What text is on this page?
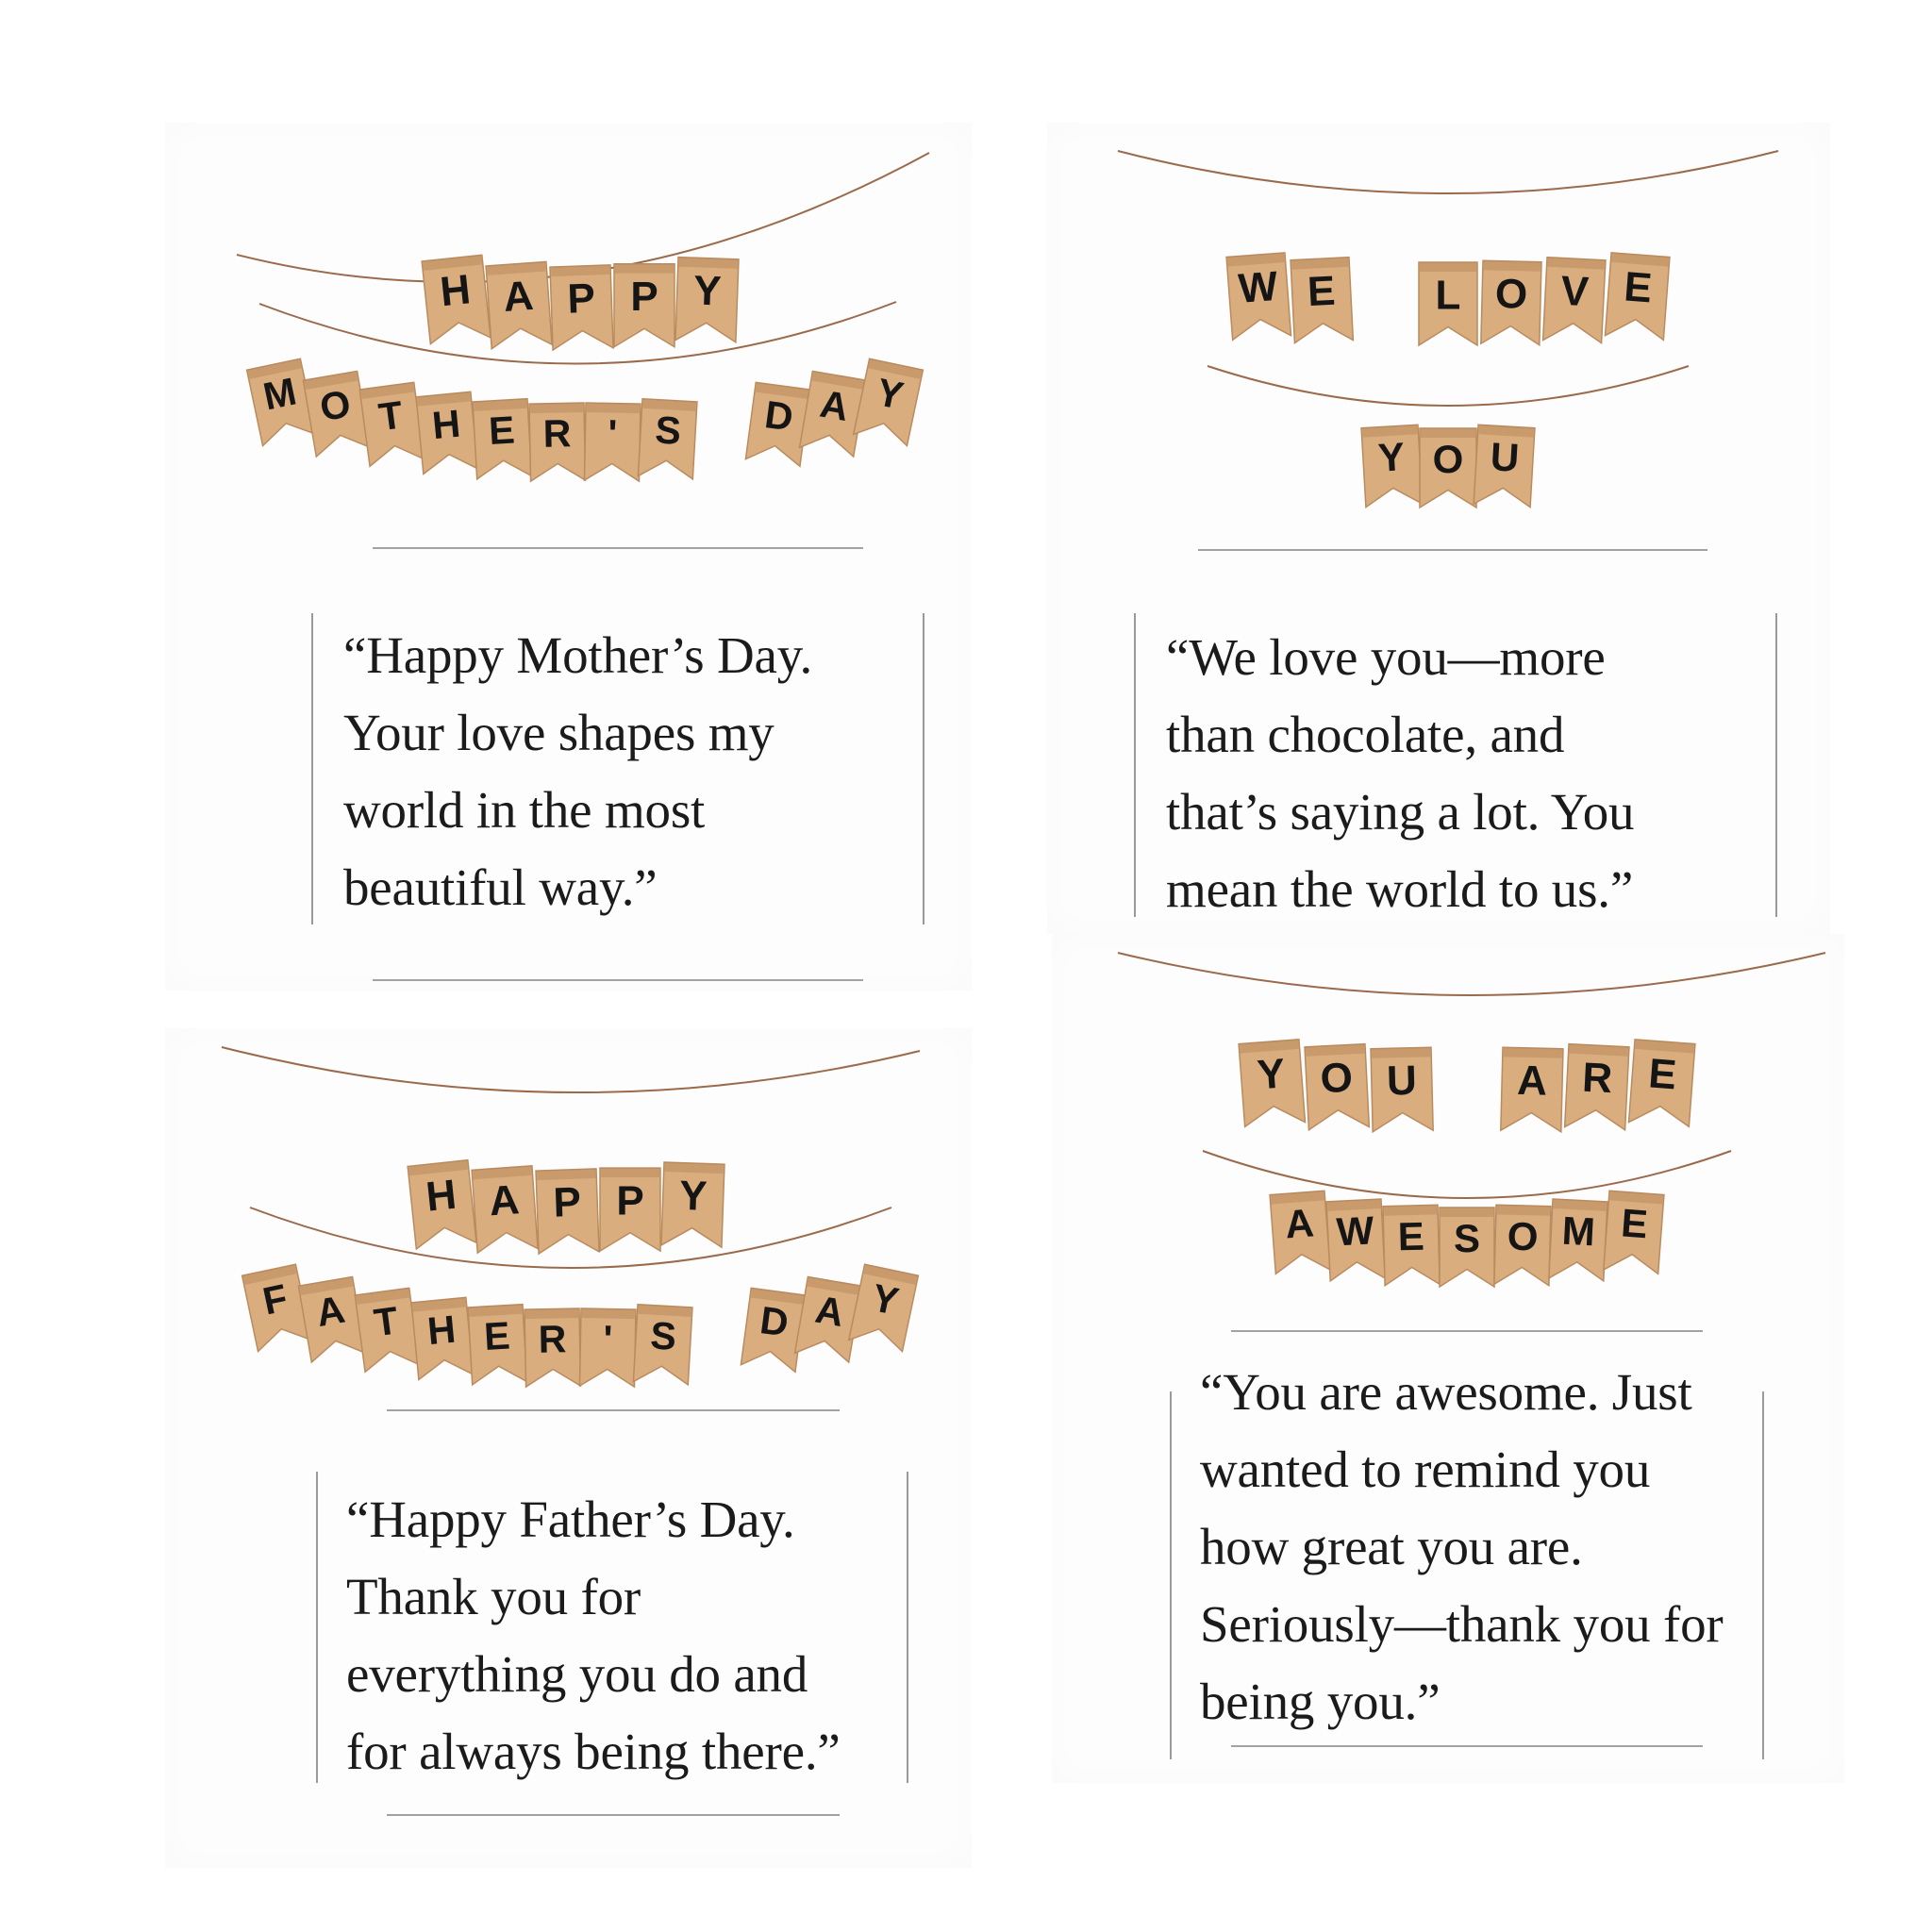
H A P P Y
M O T H E R ' S D A Y

“Happy Mother’s Day.
Your love shapes my
world in the most
beautiful way.”

W E L O V E
Y O U

“We love you—more
than chocolate, and
that’s saying a lot. You
mean the world to us.”

H A P P Y
F A T H E R ' S D A Y

“Happy Father’s Day.
Thank you for
everything you do and
for always being there.”

Y O U A R E
A W E S O M E

“You are awesome. Just
wanted to remind you
how great you are.
Seriously—thank you for
being you.”
